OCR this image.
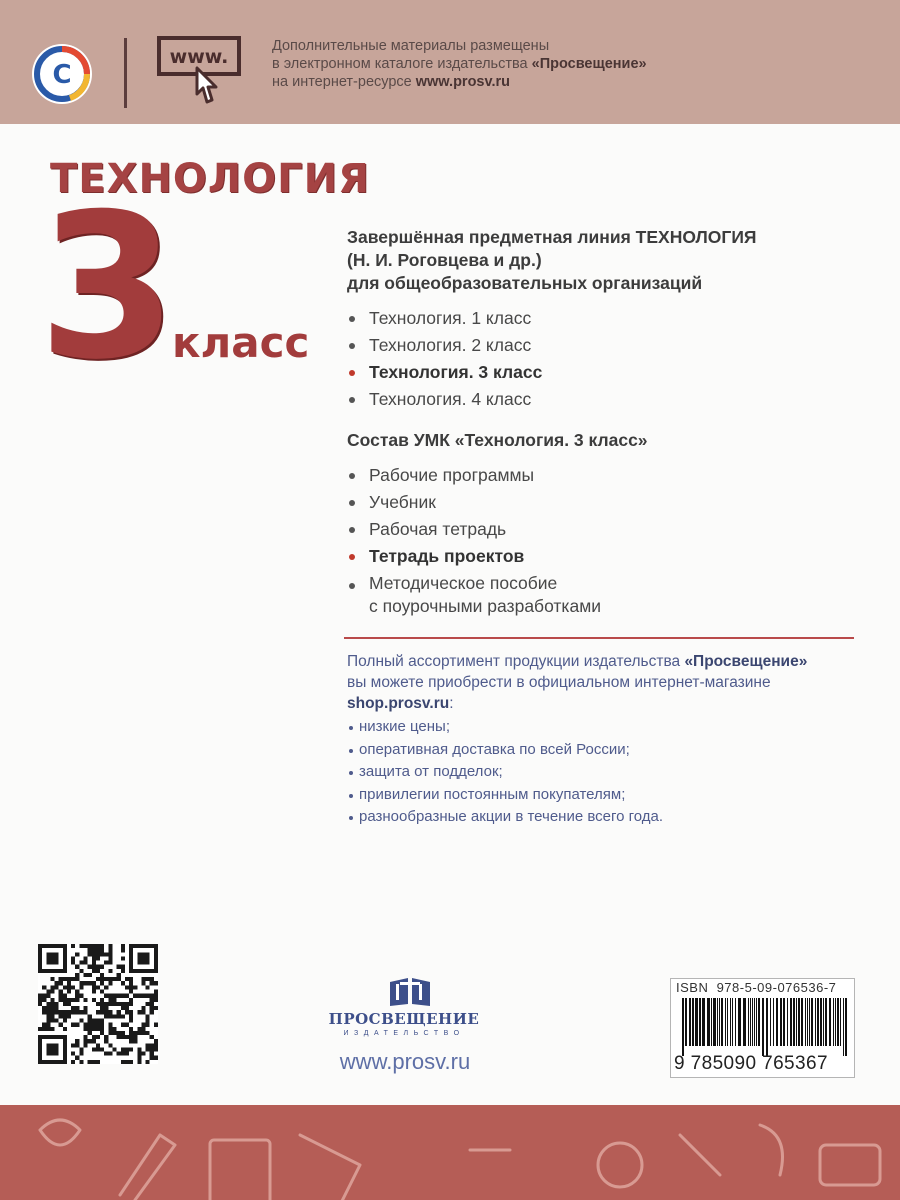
C
www.	Дополнительные материалы размещены
в электронном каталоге издательства «Просвещение»
на интернет-ресурсе www.prosv.ru
ТЕХНОЛОГИЯ
3
класс
Завершённая предметная линия ТЕХНОЛОГИЯ
(Н. И. Роговцева и др.)
для общеобразовательных организаций
Технология. 1 класс
Технология. 2 класс
Технология. 3 класс
Технология. 4 класс
Состав УМК «Технология. 3 класс»
Рабочие программы
Учебник
Рабочая тетрадь
Тетрадь проектов
Методическое пособие
с поурочными разработками
Полный ассортимент продукции издательства «Просвещение»
вы можете приобрести в официальном интернет-магазине
shop.prosv.ru:
низкие цены;
оперативная доставка по всей России;
защита от подделок;
привилегии постоянным покупателям;
разнообразные акции в течение всего года.
ПРОСВЕЩЕНИЕ
ИЗДАТЕЛЬСТВО
www.prosv.ru
ISBN 978-5-09-076536-7
9 785090 765367
